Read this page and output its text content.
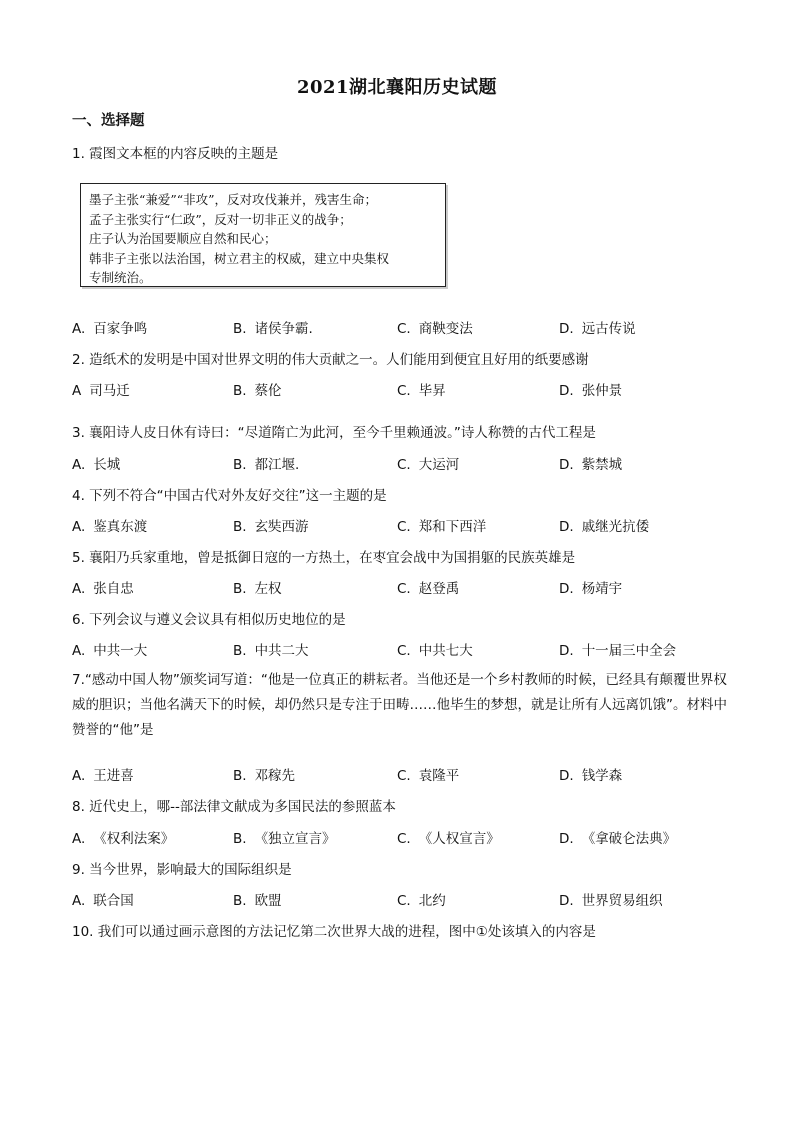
2021湖北襄阳历史试题
一、选择题
1. 霞图文本框的内容反映的主题是
墨子主张“兼爱”“非攻”，反对攻伐兼并，残害生命；
孟子主张实行“仁政”，反对一切非正义的战争；
庄子认为治国要顺应自然和民心；
韩非子主张以法治国，树立君主的权威，建立中央集权
专制统治。
A. 百家争鸣	B. 诸侯争霸.	C. 商鞅变法	D. 远古传说
2. 造纸术的发明是中国对世界文明的伟大贡献之一。人们能用到便宜且好用的纸要感谢
A 司马迁	B. 蔡伦	C. 毕昇	D. 张仲景
3. 襄阳诗人皮日休有诗曰：“尽道隋亡为此河，至今千里赖通波。”诗人称赞的古代工程是
A. 长城	B. 都江堰.	C. 大运河	D. 紫禁城
4. 下列不符合“中国古代对外友好交往”这一主题的是
A. 鉴真东渡	B. 玄奘西游	C. 郑和下西洋	D. 戚继光抗倭
5. 襄阳乃兵家重地，曾是抵御日寇的一方热土，在枣宜会战中为国捐躯的民族英雄是
A. 张自忠	B. 左权	C. 赵登禹	D. 杨靖宇
6. 下列会议与遵义会议具有相似历史地位的是
A. 中共一大	B. 中共二大	C. 中共七大	D. 十一届三中全会
7.“感动中国人物”颁奖词写道：“他是一位真正的耕耘者。当他还是一个乡村教师的时候，已经具有颠覆世界权威的胆识；当他名满天下的时候，却仍然只是专注于田畴……他毕生的梦想，就是让所有人远离饥饿”。材料中赞誉的“他”是
A. 王进喜	B. 邓稼先	C. 袁隆平	D. 钱学森
8. 近代史上，哪--部法律文献成为多国民法的参照蓝本
A. 《权利法案》	B. 《独立宣言》	C. 《人权宣言》	D. 《拿破仑法典》
9. 当今世界，影响最大的国际组织是
A. 联合国	B. 欧盟	C. 北约	D. 世界贸易组织
10. 我们可以通过画示意图的方法记忆第二次世界大战的进程，图中①处该填入的内容是
